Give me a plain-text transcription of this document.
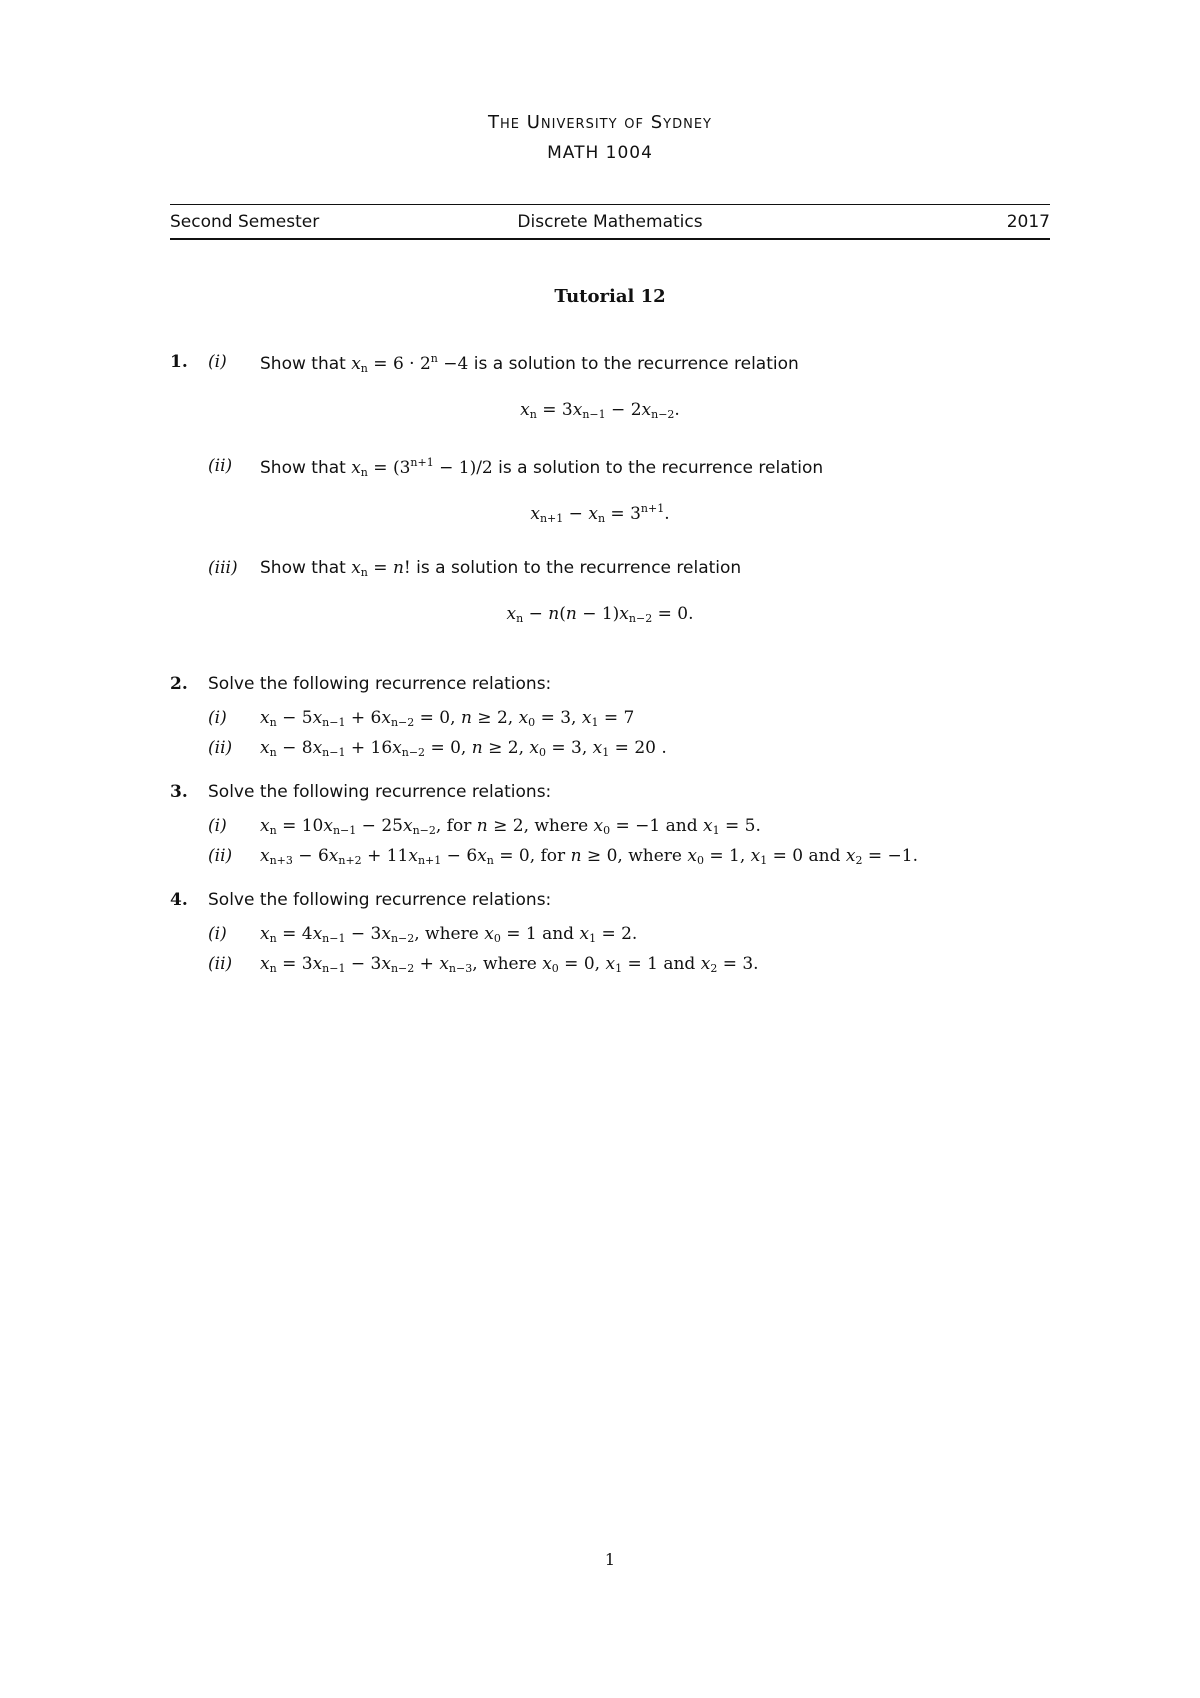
The University of Sydney
MATH 1004
Second Semester	Discrete Mathematics	2017
Tutorial 12
1. (i) Show that $x_n = 6 \cdot 2^n -4$ is a solution to the recurrence relation
$x_n = 3x_{n-1} - 2x_{n-2}$.
(ii) Show that $x_n = (3^{n+1} - 1)/2$ is a solution to the recurrence relation
$x_{n+1} - x_n = 3^{n+1}$.
(iii) Show that $x_n = n$! is a solution to the recurrence relation
$x_n - n(n - 1)x_{n-2} = 0$.
2. Solve the following recurrence relations:
(i) $x_n - 5x_{n-1} + 6x_{n-2} = 0$, n ≥ 2, $x_0 = 3$, $x_1 = 7$
(ii) $x_n - 8x_{n-1} + 16x_{n-2} = 0$, n ≥ 2, $x_0 = 3$, $x_1 = 20$ .
3. Solve the following recurrence relations:
(i) $x_n = 10x_{n-1} - 25x_{n-2}$, for n ≥ 2, where $x_0 = -1$ and $x_1 = 5$.
(ii) $x_{n+3} - 6x_{n+2} + 11x_{n+1} - 6x_n = 0$, for n ≥ 0, where $x_0 = 1$, $x_1 = 0$ and $x_2 = -1$.
4. Solve the following recurrence relations:
(i) $x_n = 4x_{n-1} - 3x_{n-2}$, where $x_0 = 1$ and $x_1 = 2$.
(ii) $x_n = 3x_{n-1} - 3x_{n-2} + x_{n-3}$, where $x_0 = 0$, $x_1 = 1$ and $x_2 = 3$.
1
